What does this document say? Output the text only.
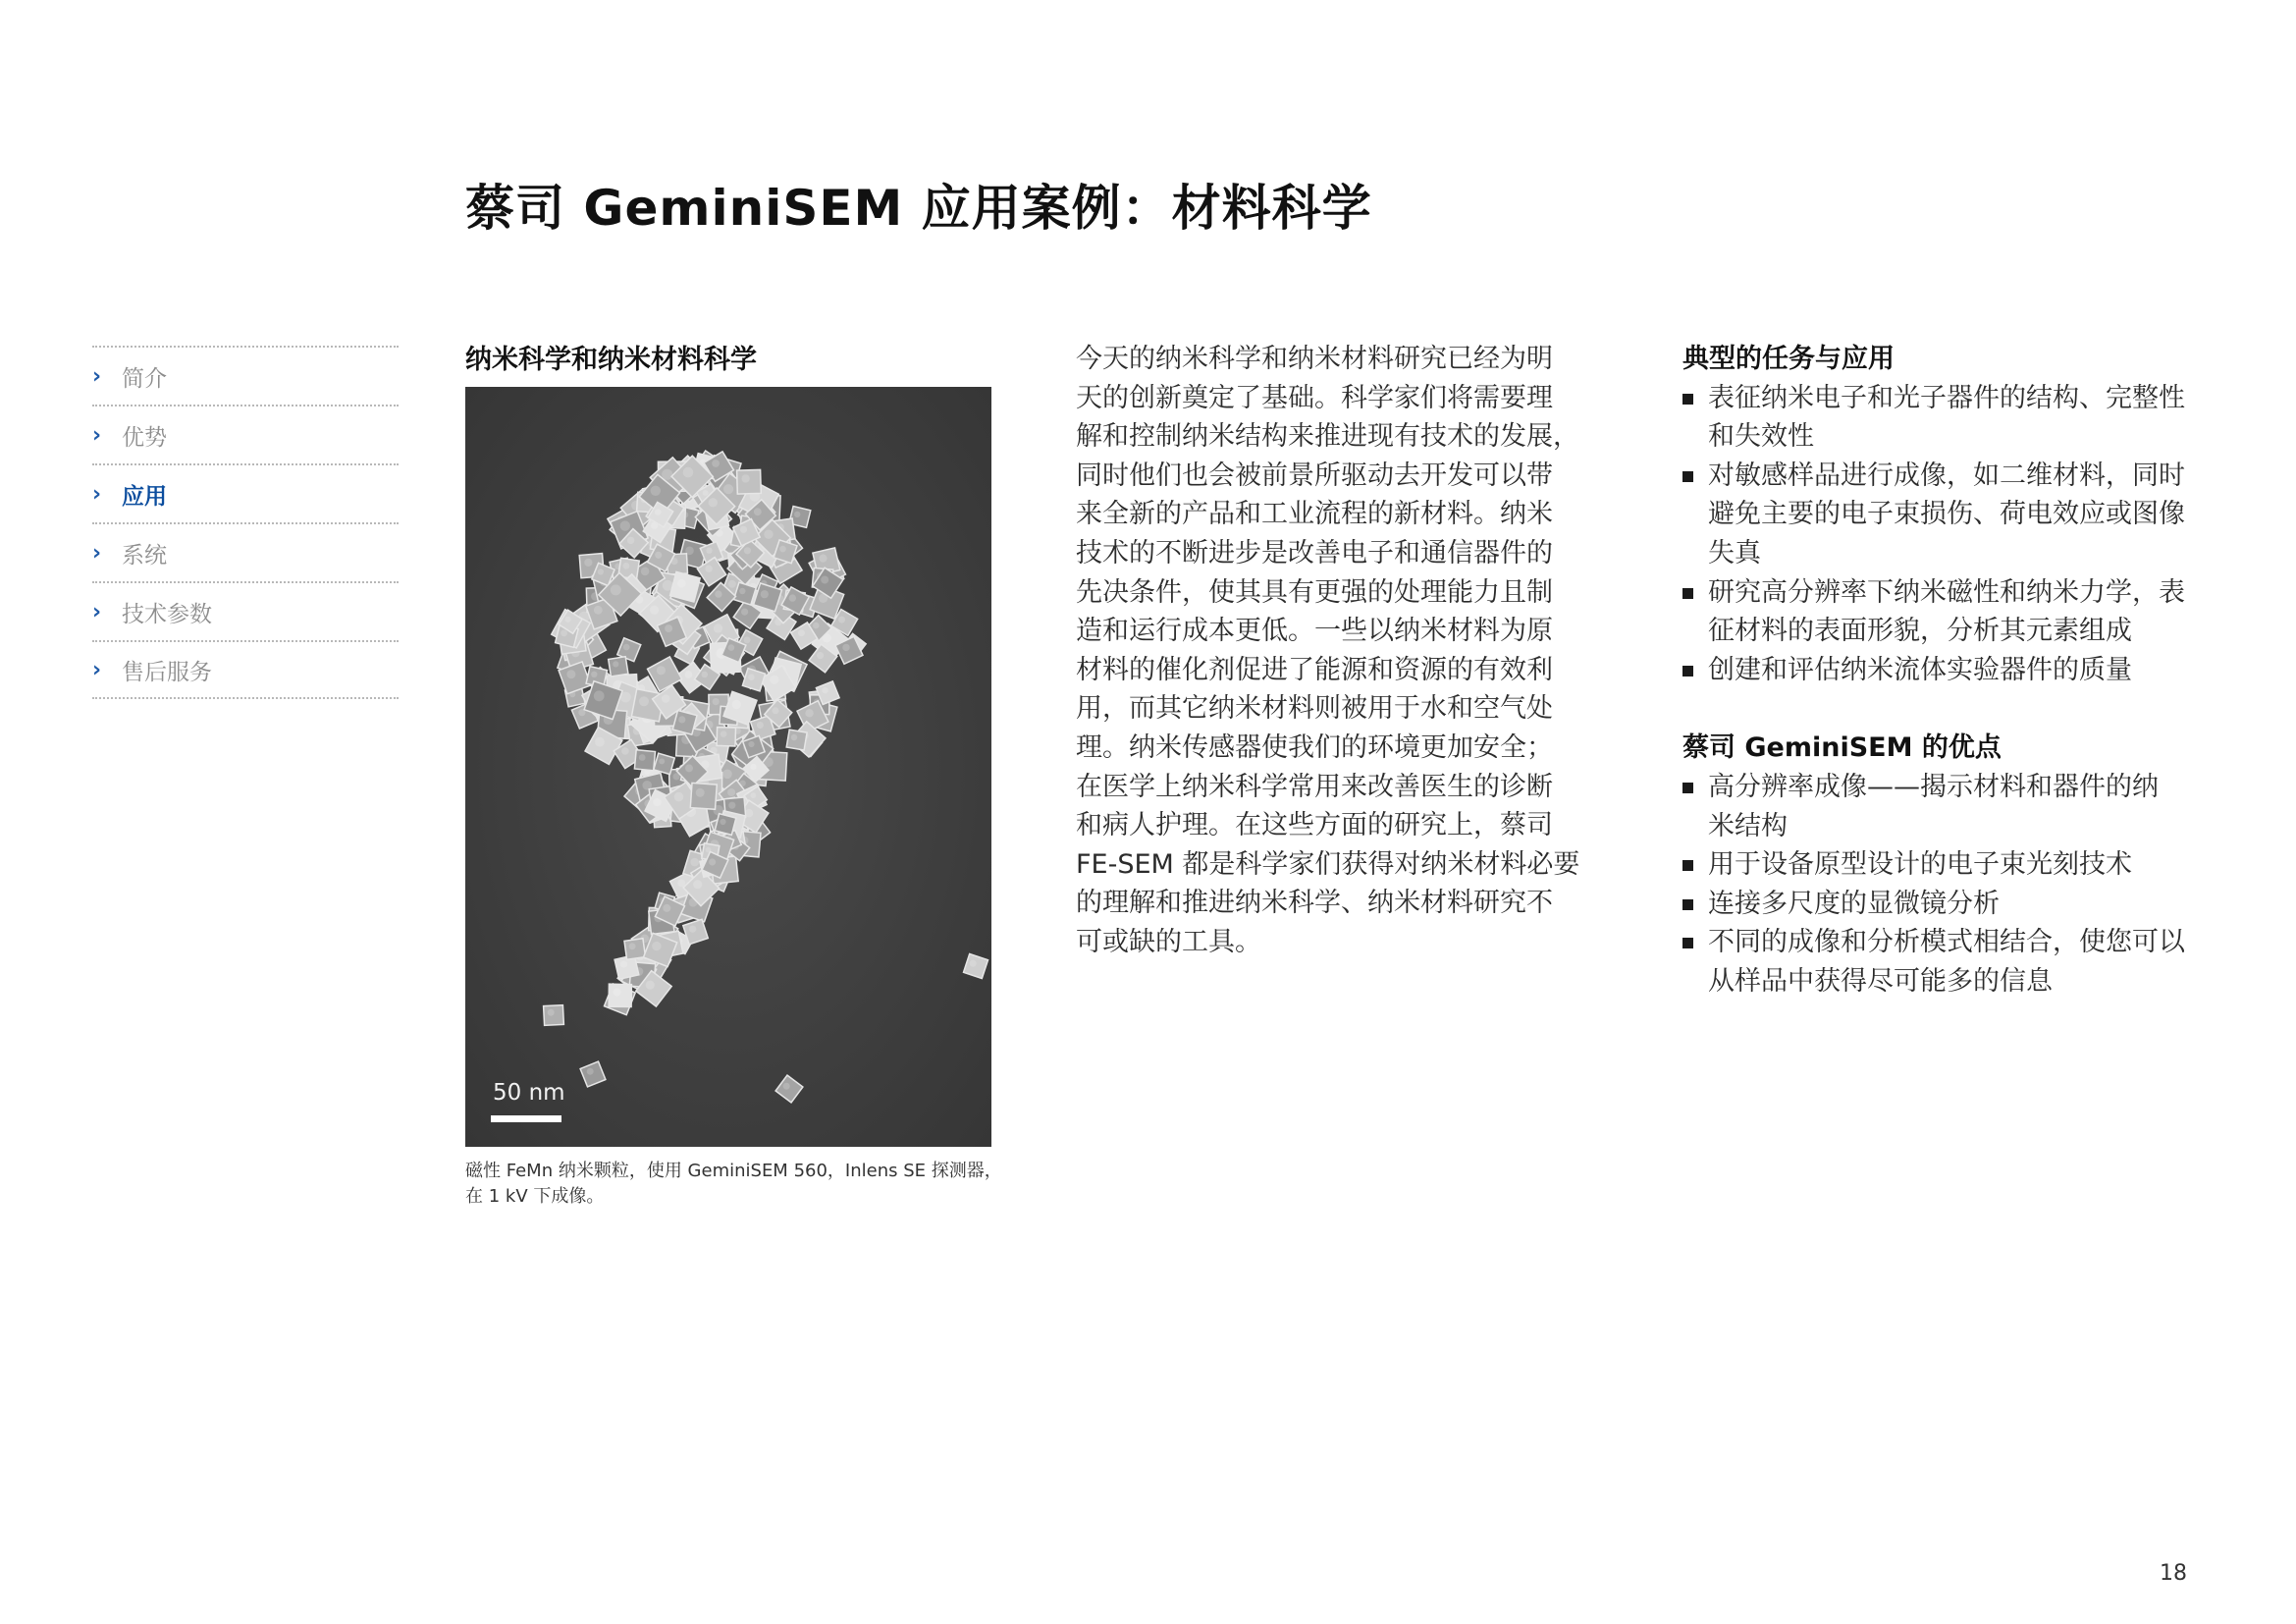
蔡司 GeminiSEM 应用案例：材料科学
› 简介
› 优势
› 应用
› 系统
› 技术参数
› 售后服务
纳米科学和纳米材料科学
50 nm
磁性 FeMn 纳米颗粒，使用 GeminiSEM 560，Inlens SE 探测器，
在 1 kV 下成像。
今天的纳米科学和纳米材料研究已经为明
天的创新奠定了基础。科学家们将需要理
解和控制纳米结构来推进现有技术的发展，
同时他们也会被前景所驱动去开发可以带
来全新的产品和工业流程的新材料。纳米
技术的不断进步是改善电子和通信器件的
先决条件，使其具有更强的处理能力且制
造和运行成本更低。一些以纳米材料为原
材料的催化剂促进了能源和资源的有效利
用，而其它纳米材料则被用于水和空气处
理。纳米传感器使我们的环境更加安全；
在医学上纳米科学常用来改善医生的诊断
和病人护理。在这些方面的研究上，蔡司
FE-SEM 都是科学家们获得对纳米材料必要
的理解和推进纳米科学、纳米材料研究不
可或缺的工具。
典型的任务与应用
表征纳米电子和光子器件的结构、完整性
和失效性
对敏感样品进行成像，如二维材料，同时
避免主要的电子束损伤、荷电效应或图像
失真
研究高分辨率下纳米磁性和纳米力学，表
征材料的表面形貌，分析其元素组成
创建和评估纳米流体实验器件的质量
蔡司 GeminiSEM 的优点
高分辨率成像——揭示材料和器件的纳
米结构
用于设备原型设计的电子束光刻技术
连接多尺度的显微镜分析
不同的成像和分析模式相结合，使您可以
从样品中获得尽可能多的信息
18
